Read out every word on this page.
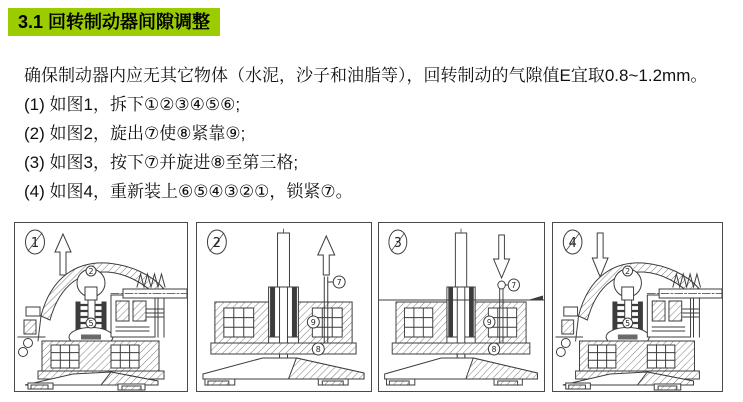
3.1 回转制动器间隙调整

确保制动器内应无其它物体（水泥，沙子和油脂等），回转制动的气隙值E宜取0.8~1.2mm。

(1) 如图1，拆下①②③④⑤⑥;

(2) 如图2，旋出⑦使⑧紧靠⑨;

(3) 如图3，按下⑦并旋进⑧至第三格;

(4) 如图4，重新装上⑥⑤④③②①，锁紧⑦。

1
2
5
2
7
9
8
3
7
9
8
4
2
5
